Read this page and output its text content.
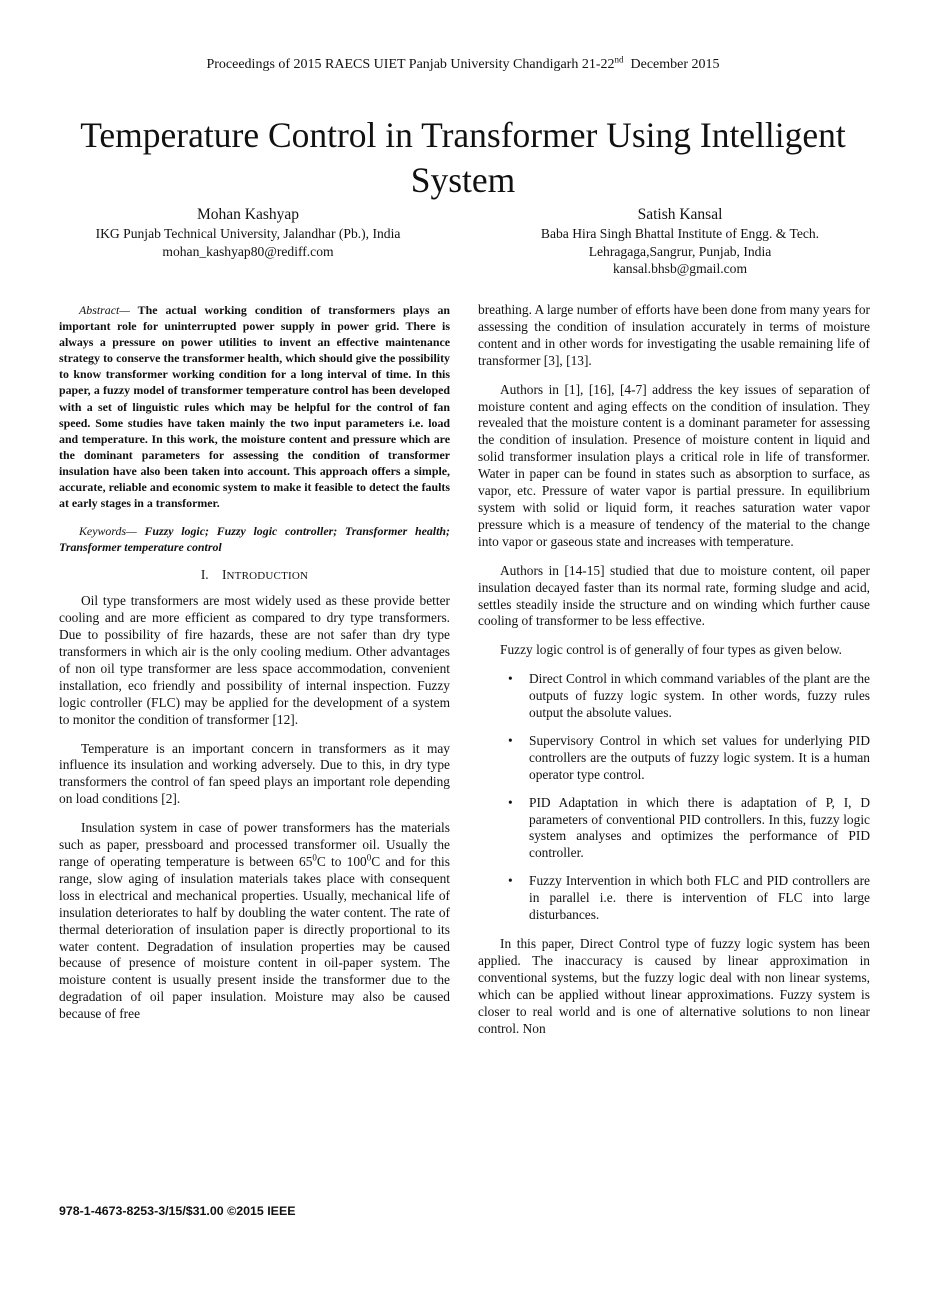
Proceedings of 2015 RAECS UIET Panjab University Chandigarh 21-22nd  December 2015
Temperature Control in Transformer Using Intelligent System
Mohan Kashyap
IKG Punjab Technical University, Jalandhar (Pb.), India
mohan_kashyap80@rediff.com
Satish Kansal
Baba Hira Singh Bhattal Institute of Engg. & Tech.
Lehragaga,Sangrur, Punjab, India
kansal.bhsb@gmail.com

Abstract— The actual working condition of transformers plays an important role for uninterrupted power supply in power grid. There is always a pressure on power utilities to invent an effective maintenance strategy to conserve the transformer health, which should give the possibility to know transformer working condition for a long interval of time. In this paper, a fuzzy model of transformer temperature control has been developed with a set of linguistic rules which may be helpful for the control of fan speed. Some studies have taken mainly the two input parameters i.e. load and temperature. In this work, the moisture content and pressure which are the dominant parameters for assessing the condition of transformer insulation have also been taken into account. This approach offers a simple, accurate, reliable and economic system to make it feasible to detect the faults at early stages in a transformer.

Keywords— Fuzzy logic; Fuzzy logic controller; Transformer health; Transformer temperature control

I. INTRODUCTION

Oil type transformers are most widely used as these provide better cooling and are more efficient as compared to dry type transformers. Due to possibility of fire hazards, these are not safer than dry type transformers in which air is the only cooling medium. Other advantages of non oil type transformer are less space accommodation, convenient installation, eco friendly and possibility of internal inspection. Fuzzy logic controller (FLC) may be applied for the development of a system to monitor the condition of transformer [12].

Temperature is an important concern in transformers as it may influence its insulation and working adversely. Due to this, in dry type transformers the control of fan speed plays an important role depending on load conditions [2].

Insulation system in case of power transformers has the materials such as paper, pressboard and processed transformer oil. Usually the range of operating temperature is between $65^0C$ to $100^0C$ and for this range, slow aging of insulation materials takes place with consequent loss in electrical and mechanical properties. Usually, mechanical life of insulation deteriorates to half by doubling the water content. The rate of thermal deterioration of insulation paper is directly proportional to its water content. Degradation of insulation properties may be caused because of presence of moisture content in oil-paper system. The moisture content is usually present inside the transformer due to the degradation of oil paper insulation. Moisture may also be caused because of free

breathing. A large number of efforts have been done from many years for assessing the condition of insulation accurately in terms of moisture content and in other words for investigating the usable remaining life of transformer [3], [13].

Authors in [1], [16], [4-7] address the key issues of separation of moisture content and aging effects on the condition of insulation. They revealed that the moisture content is a dominant parameter for assessing the condition of insulation. Presence of moisture content in liquid and solid transformer insulation plays a critical role in life of transformer. Water in paper can be found in states such as absorption to surface, as vapor, etc. Pressure of water vapor is partial pressure. In equilibrium system with solid or liquid form, it reaches saturation water vapor pressure which is a measure of tendency of the material to the change into vapor or gaseous state and increases with temperature.

Authors in [14-15] studied that due to moisture content, oil paper insulation decayed faster than its normal rate, forming sludge and acid, settles steadily inside the structure and on winding which further cause cooling of transformer to be less effective.

Fuzzy logic control is of generally of four types as given below.

• Direct Control in which command variables of the plant are the outputs of fuzzy logic system. In other words, fuzzy rules output the absolute values.
• Supervisory Control in which set values for underlying PID controllers are the outputs of fuzzy logic system. It is a human operator type control.
• PID Adaptation in which there is adaptation of P, I, D parameters of conventional PID controllers. In this, fuzzy logic system analyses and optimizes the performance of PID controller.
• Fuzzy Intervention in which both FLC and PID controllers are in parallel i.e. there is intervention of FLC into large disturbances.

In this paper, Direct Control type of fuzzy logic system has been applied. The inaccuracy is caused by linear approximation in conventional systems, but the fuzzy logic deal with non linear systems, which can be applied without linear approximations. Fuzzy system is closer to real world and is one of alternative solutions to non linear control. Non

978-1-4673-8253-3/15/$31.00 ©2015 IEEE
